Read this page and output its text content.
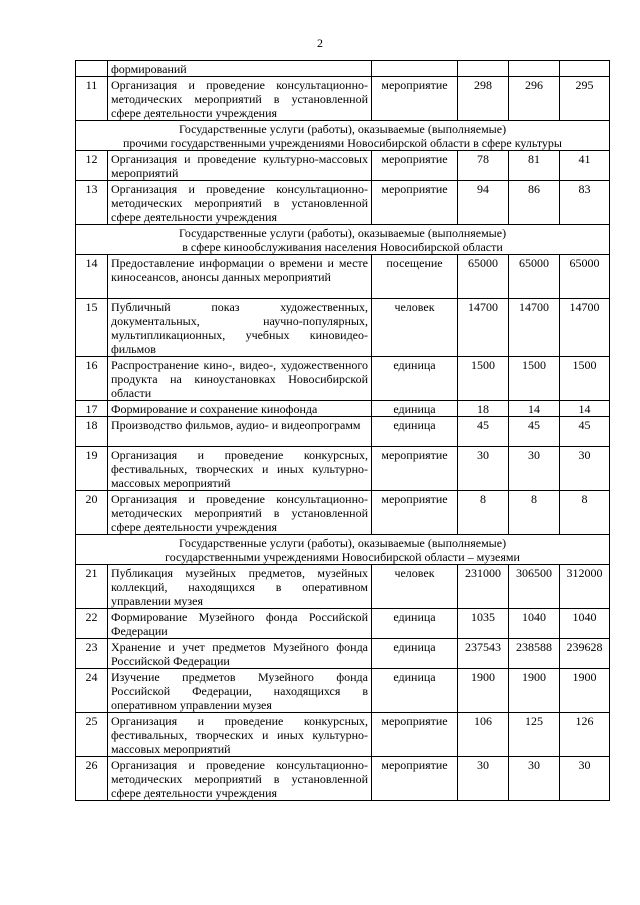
2
	формирований				
11	Организация и проведение консультационно-методических мероприятий в установленной сфере деятельности учреждения	мероприятие	298	296	295

Государственные услуги (работы), оказываемые (выполняемые)
прочими государственными учреждениями Новосибирской области в сфере культуры					

12	Организация и проведение культурно-массовых мероприятий	мероприятие	78	81	41
13	Организация и проведение консультационно-методических мероприятий в установленной сфере деятельности учреждения	мероприятие	94	86	83

Государственные услуги (работы), оказываемые (выполняемые)
в сфере кинообслуживания населения Новосибирской области					

14	Предоставление информации о времени и месте киносеансов, анонсы данных мероприятий	посещение	65000	65000	65000
15	Публичный показ художественных, документальных, научно-популярных, мультипликационных, учебных киновидео-фильмов	человек	14700	14700	14700
16	Распространение кино-, видео-, художественного продукта на киноустановках Новосибирской области	единица	1500	1500	1500
17	Формирование и сохранение кинофонда	единица	18	14	14
18	Производство фильмов, аудио- и видеопрограмм	единица	45	45	45
19	Организация и проведение конкурсных, фестивальных, творческих и иных культурно-массовых мероприятий	мероприятие	30	30	30
20	Организация и проведение консультационно-методических мероприятий в установленной сфере деятельности учреждения	мероприятие	8	8	8

Государственные услуги (работы), оказываемые (выполняемые)
государственными учреждениями Новосибирской области – музеями					

21	Публикация музейных предметов, музейных коллекций, находящихся в оперативном управлении музея	человек	231000	306500	312000
22	Формирование Музейного фонда Российской Федерации	единица	1035	1040	1040
23	Хранение и учет предметов Музейного фонда Российской Федерации	единица	237543	238588	239628
24	Изучение предметов Музейного фонда Российской Федерации, находящихся в оперативном управлении музея	единица	1900	1900	1900
25	Организация и проведение конкурсных, фестивальных, творческих и иных культурно-массовых мероприятий	мероприятие	106	125	126
26	Организация и проведение консультационно-методических мероприятий в установленной сфере деятельности учреждения	мероприятие	30	30	30
